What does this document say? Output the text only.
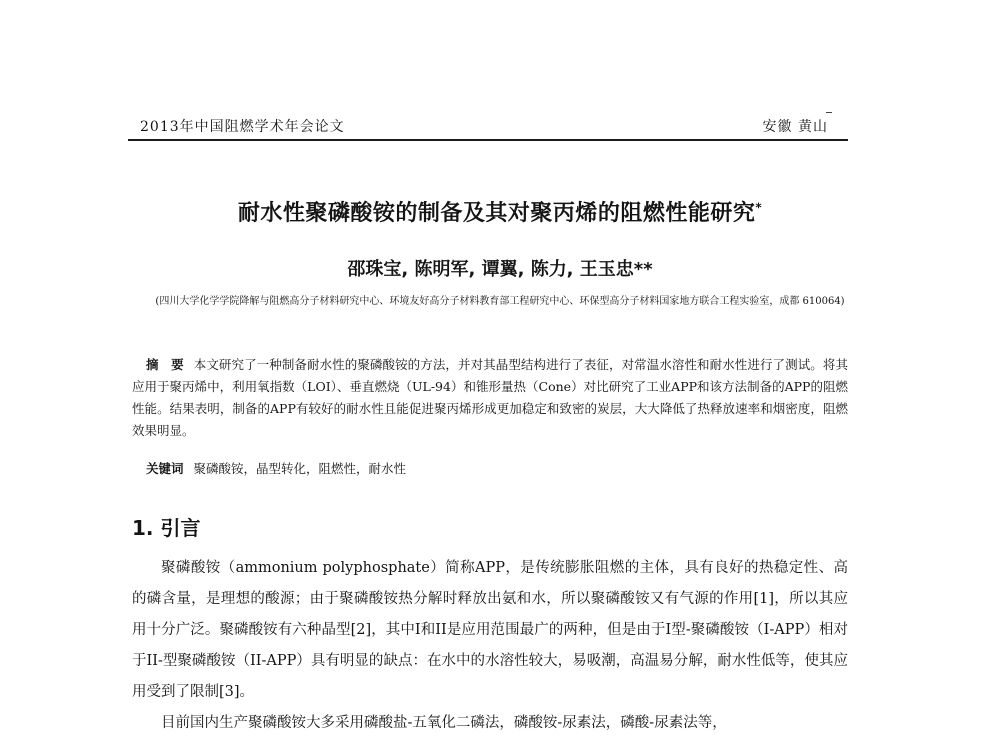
2013年中国阻燃学术年会论文	安徽 黄山
耐水性聚磷酸铵的制备及其对聚丙烯的阻燃性能研究*
邵珠宝, 陈明军, 谭翼, 陈力, 王玉忠**
(四川大学化学学院降解与阻燃高分子材料研究中心、环境友好高分子材料教育部工程研究中心、环保型高分子材料国家地方联合工程实验室，成都 610064)
摘　要 本文研究了一种制备耐水性的聚磷酸铵的方法，并对其晶型结构进行了表征，对常温水溶性和耐水性进行了测试。将其应用于聚丙烯中，利用氧指数（LOI）、垂直燃烧（UL-94）和锥形量热（Cone）对比研究了工业APP和该方法制备的APP的阻燃性能。结果表明，制备的APP有较好的耐水性且能促进聚丙烯形成更加稳定和致密的炭层，大大降低了热释放速率和烟密度，阻燃效果明显。
关键词 聚磷酸铵，晶型转化，阻燃性，耐水性
1. 引言

聚磷酸铵（ammonium polyphosphate）简称APP，是传统膨胀阻燃的主体，具有良好的热稳定性、高的磷含量，是理想的酸源；由于聚磷酸铵热分解时释放出氨和水，所以聚磷酸铵又有气源的作用[1]，所以其应用十分广泛。聚磷酸铵有六种晶型[2]，其中I和II是应用范围最广的两种，但是由于I型-聚磷酸铵（I-APP）相对于II-型聚磷酸铵（II-APP）具有明显的缺点：在水中的水溶性较大，易吸潮，高温易分解，耐水性低等，使其应用受到了限制[3]。

目前国内生产聚磷酸铵大多采用磷酸盐-五氧化二磷法，磷酸铵-尿素法，磷酸-尿素法等，
